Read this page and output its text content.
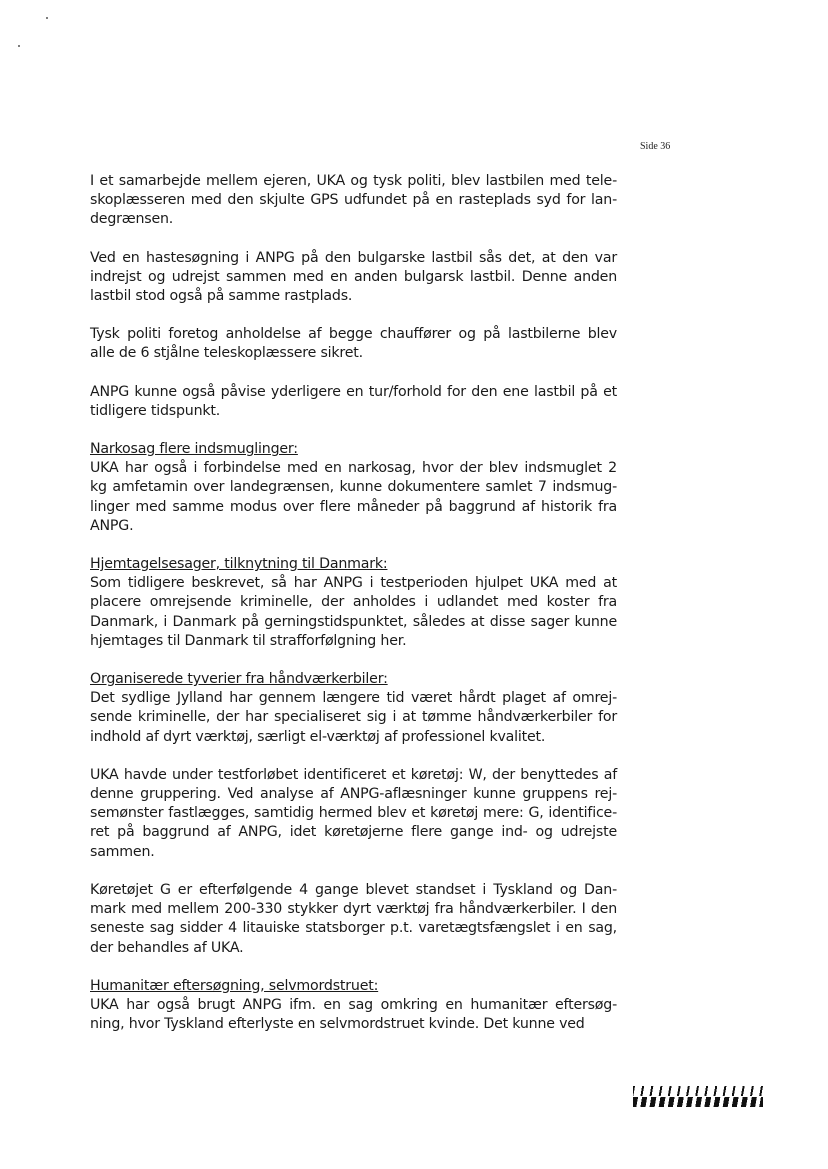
Side 36
I et samarbejde mellem ejeren, UKA og tysk politi, blev lastbilen med tele-
skoplæsseren med den skjulte GPS udfundet på en rasteplads syd for lan-
degrænsen.
Ved en hastesøgning i ANPG på den bulgarske lastbil sås det, at den var
indrejst og udrejst sammen med en anden bulgarsk lastbil. Denne anden
lastbil stod også på samme rastplads.
Tysk politi foretog anholdelse af begge chauffører og på lastbilerne blev
alle de 6 stjålne teleskoplæssere sikret.
ANPG kunne også påvise yderligere en tur/forhold for den ene lastbil på et
tidligere tidspunkt.
Narkosag flere indsmuglinger:
UKA har også i forbindelse med en narkosag, hvor der blev indsmuglet 2
kg amfetamin over landegrænsen, kunne dokumentere samlet 7 indsmug-
linger med samme modus over flere måneder på baggrund af historik fra
ANPG.
Hjemtagelsesager, tilknytning til Danmark:
Som tidligere beskrevet, så har ANPG i testperioden hjulpet UKA med at
placere omrejsende kriminelle, der anholdes i udlandet med koster fra
Danmark, i Danmark på gerningstidspunktet, således at disse sager kunne
hjemtages til Danmark til strafforfølgning her.
Organiserede tyverier fra håndværkerbiler:
Det sydlige Jylland har gennem længere tid været hårdt plaget af omrej-
sende kriminelle, der har specialiseret sig i at tømme håndværkerbiler for
indhold af dyrt værktøj, særligt el-værktøj af professionel kvalitet.
UKA havde under testforløbet identificeret et køretøj: W, der benyttedes af
denne gruppering. Ved analyse af ANPG-aflæsninger kunne gruppens rej-
semønster fastlægges, samtidig hermed blev et køretøj mere: G, identifice-
ret på baggrund af ANPG, idet køretøjerne flere gange ind- og udrejste
sammen.
Køretøjet G er efterfølgende 4 gange blevet standset i Tyskland og Dan-
mark med mellem 200-330 stykker dyrt værktøj fra håndværkerbiler. I den
seneste sag sidder 4 litauiske statsborger p.t. varetægtsfængslet i en sag,
der behandles af UKA.
Humanitær eftersøgning, selvmordstruet:
UKA har også brugt ANPG ifm. en sag omkring en humanitær eftersøg-
ning, hvor Tyskland efterlyste en selvmordstruet kvinde. Det kunne ved
